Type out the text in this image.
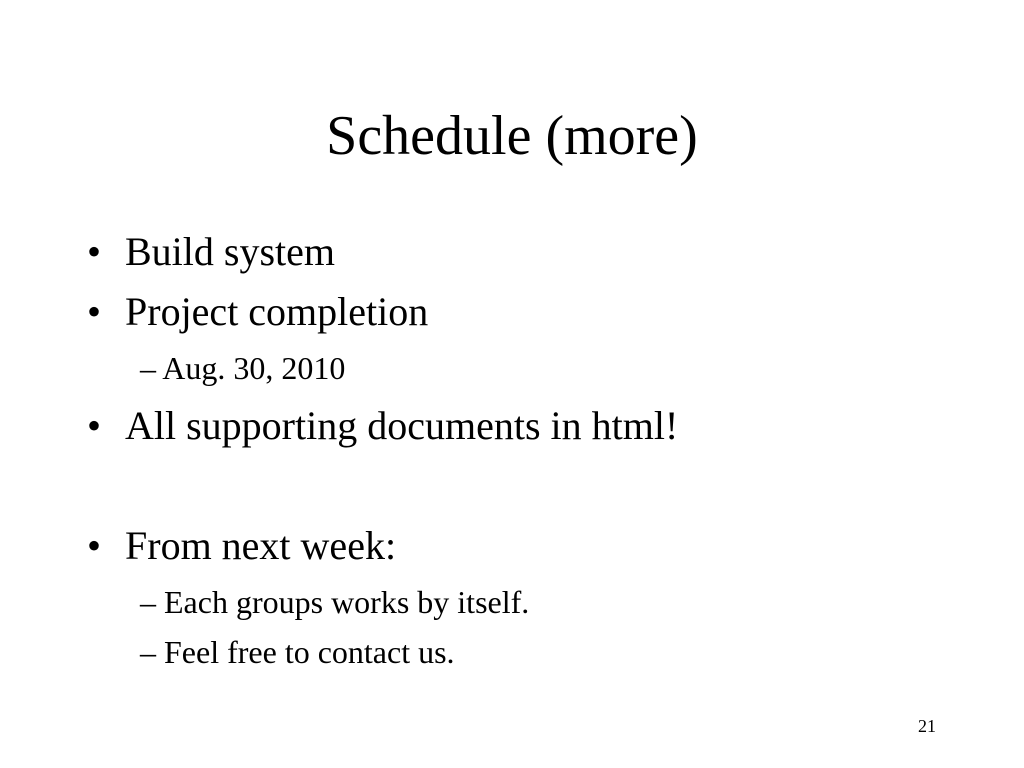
Schedule (more)
• Build system
• Project completion
– Aug. 30, 2010
• All supporting documents in html!
• From next week:
– Each groups works by itself.
– Feel free to contact us.
21
